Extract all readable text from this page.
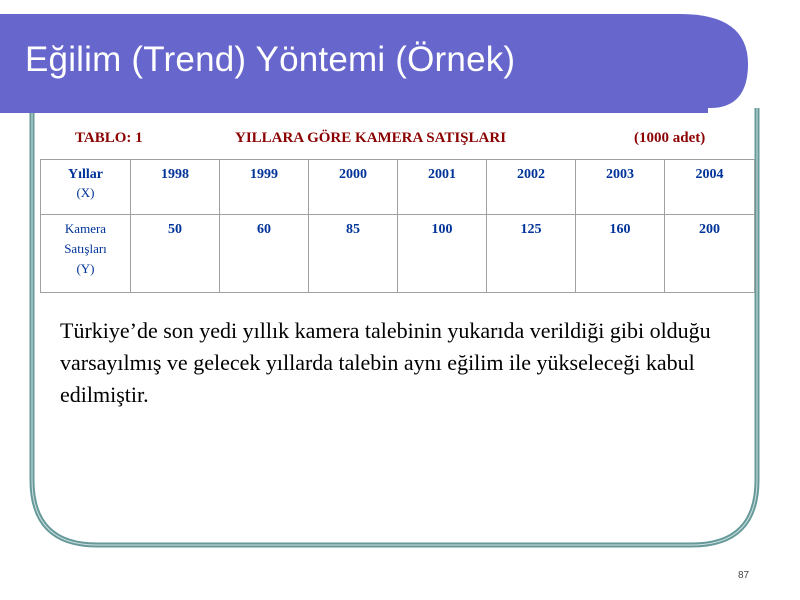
Eğilim (Trend) Yöntemi (Örnek)
TABLO: 1	YILLARA GÖRE KAMERA SATIŞLARI	(1000 adet)
Yıllar
(X)	1998	1999	2000	2001	2002	2003	2004

Kamera
Satışları
(Y)	50	60	85	100	125	160	200
Türkiye’de son yedi yıllık kamera talebinin yukarıda verildiği gibi olduğu varsayılmış ve gelecek yıllarda talebin aynı eğilim ile yükseleceği kabul edilmiştir.
87
